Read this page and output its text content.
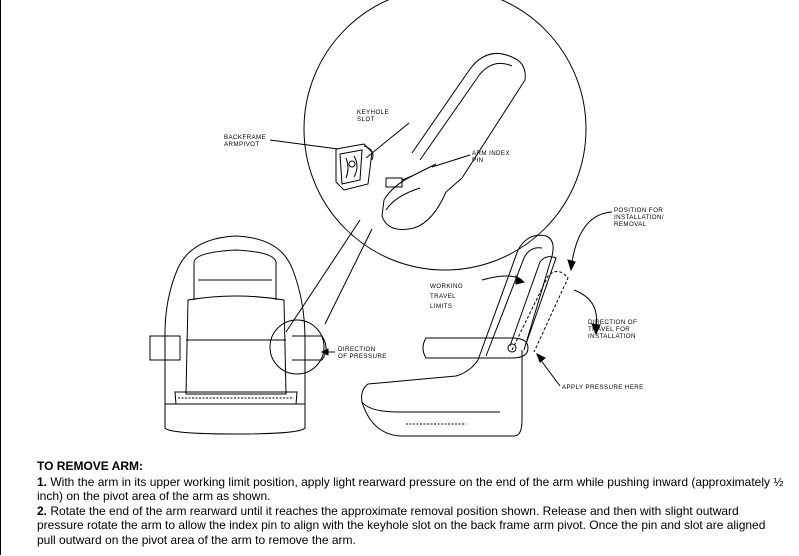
KEYHOLE
SLOT
BACKFRAME
ARMPIVOT
ARM INDEX
PIN
POSITION FOR
INSTALLATION/
REMOVAL
WORKING
TRAVEL
LIMITS
DIRECTION
OF PRESSURE
DIRECTION OF
TRAVEL FOR
INSTALLATION
APPLY PRESSURE HERE
TO REMOVE ARM:

1. With the arm in its upper working limit position, apply light rearward pressure on the end of the arm while pushing inward (approximately ½ inch) on the pivot area of the arm as shown.

2. Rotate the end of the arm rearward until it reaches the approximate removal position shown. Release and then with slight outward pressure rotate the arm to allow the index pin to align with the keyhole slot on the back frame arm pivot. Once the pin and slot are aligned pull outward on the pivot area of the arm to remove the arm.
